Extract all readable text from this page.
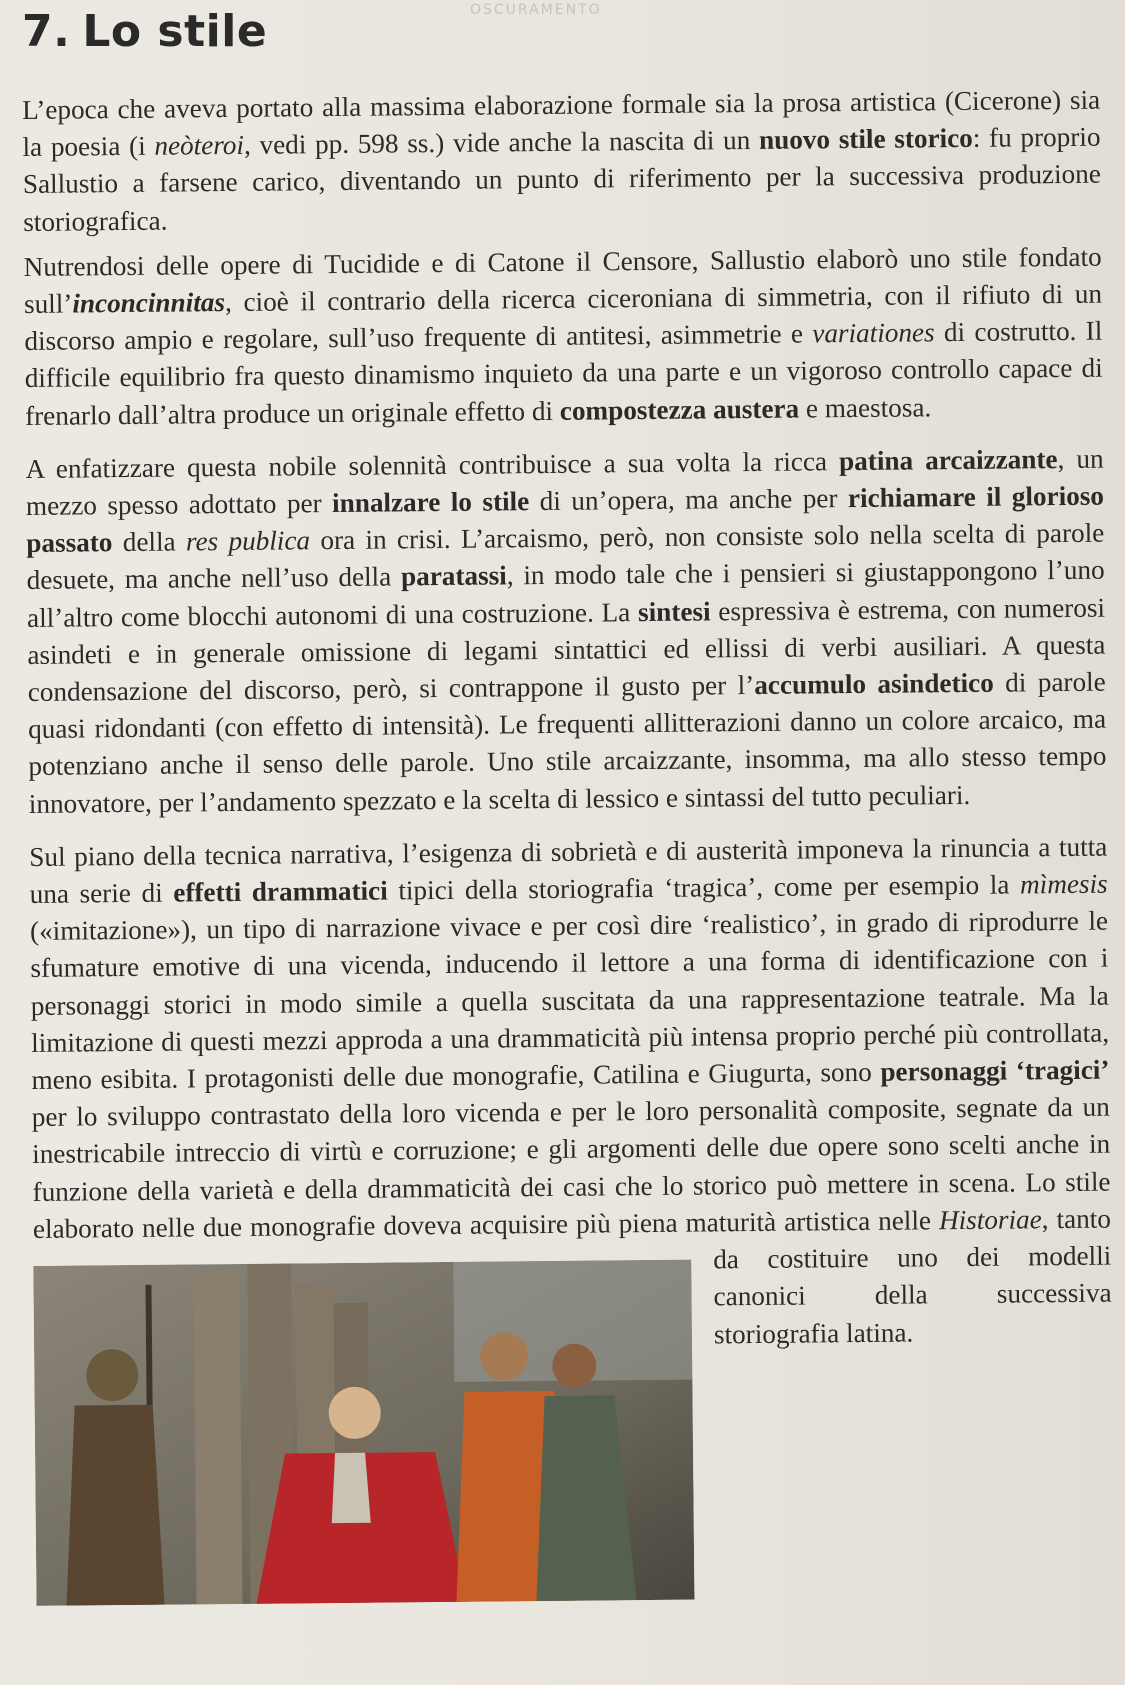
OSCURAMENTO
7. Lo stile

L’epoca che aveva portato alla massima elaborazione formale sia la prosa artistica (Cicerone) sia la poesia (i neòteroi, vedi pp. 598 ss.) vide anche la nascita di un nuovo stile storico: fu proprio Sallustio a farsene carico, diventando un punto di riferimento per la successiva produzione storiografica.

Nutrendosi delle opere di Tucidide e di Catone il Censore, Sallustio elaborò uno stile fondato sull’inconcinnitas, cioè il contrario della ricerca ciceroniana di simmetria, con il rifiuto di un discorso ampio e regolare, sull’uso frequente di antitesi, asimmetrie e variationes di costrutto. Il difficile equilibrio fra questo dinamismo inquieto da una parte e un vigoroso controllo capace di frenarlo dall’altra produce un originale effetto di compostezza austera e maestosa.

A enfatizzare questa nobile solennità contribuisce a sua volta la ricca patina arcaizzante, un mezzo spesso adottato per innalzare lo stile di un’opera, ma anche per richiamare il glorioso passato della res publica ora in crisi. L’arcaismo, però, non consiste solo nella scelta di parole desuete, ma anche nell’uso della paratassi, in modo tale che i pensieri si giustappongono l’uno all’altro come blocchi autonomi di una costruzione. La sintesi espressiva è estrema, con numerosi asindeti e in generale omissione di legami sintattici ed ellissi di verbi ausiliari. A questa condensazione del discorso, però, si contrappone il gusto per l’accumulo asindetico di parole quasi ridondanti (con effetto di intensità). Le frequenti allitterazioni danno un colore arcaico, ma potenziano anche il senso delle parole. Uno stile arcaizzante, insomma, ma allo stesso tempo innovatore, per l’andamento spezzato e la scelta di lessico e sintassi del tutto peculiari.

Sul piano della tecnica narrativa, l’esigenza di sobrietà e di austerità imponeva la rinuncia a tutta una serie di effetti drammatici tipici della storiografia ‘tragica’, come per esempio la mìmesis («imitazione»), un tipo di narrazione vivace e per così dire ‘realistico’, in grado di riprodurre le sfumature emotive di una vicenda, inducendo il lettore a una forma di identificazione con i personaggi storici in modo simile a quella suscitata da una rappresentazione teatrale. Ma la limitazione di questi mezzi approda a una drammaticità più intensa proprio perché più controllata, meno esibita. I protagonisti delle due monografie, Catilina e Giugurta, sono personaggi ‘tragici’ per lo sviluppo contrastato della loro vicenda e per le loro personalità composite, segnate da un inestricabile intreccio di virtù e corruzione; e gli argomenti delle due opere sono scelti anche in funzione della varietà e della drammaticità dei casi che lo storico può mettere in scena. Lo stile elaborato nelle due monografie doveva acquisire più piena maturità artistica nelle
Historiae, tanto da costituire uno dei modelli canonici della successiva storiografia latina.
